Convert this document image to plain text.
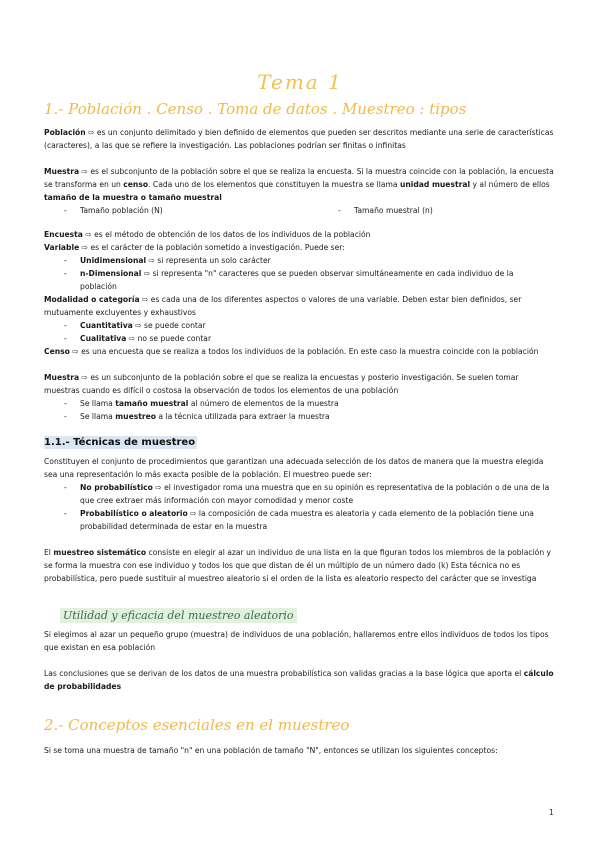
Tema 1
1.- Población . Censo . Toma de datos . Muestreo : tipos

Población ⇨ es un conjunto delimitado y bien definido de elementos que pueden ser descritos mediante una serie de características (caracteres), a las que se refiere la investigación. Las poblaciones podrían ser finitas o infinitas

Muestra ⇨ es el subconjunto de la población sobre el que se realiza la encuesta. Si la muestra coincide con la población, la encuesta se transforma en un censo. Cada uno de los elementos que constituyen la muestra se llama unidad muestral y al número de ellos tamaño de la muestra o tamaño muestral

- Tamaño población (N)	- Tamaño muestral (n)

Encuesta ⇨ es el método de obtención de los datos de los individuos de la población

Variable ⇨ es el carácter de la población sometido a investigación. Puede ser:

- Unidimensional ⇨ si representa un solo carácter
- n-Dimensional ⇨ si representa "n" caracteres que se pueden observar simultáneamente en cada individuo de la población

Modalidad o categoría ⇨ es cada una de los diferentes aspectos o valores de una variable. Deben estar bien definidos, ser mutuamente excluyentes y exhaustivos

- Cuantitativa ⇨ se puede contar
- Cualitativa ⇨ no se puede contar

Censo ⇨ es una encuesta que se realiza a todos los individuos de la población. En este caso la muestra coincide con la población

Muestra ⇨ es un subconjunto de la población sobre el que se realiza la encuestas y posterio investigación. Se suelen tomar muestras cuando es difícil o costosa la observación de todos los elementos de una población

- Se llama tamaño muestral al número de elementos de la muestra
- Se llama muestreo a la técnica utilizada para extraer la muestra
1.1.- Técnicas de muestreo

Constituyen el conjunto de procedimientos que garantizan una adecuada selección de los datos de manera que la muestra elegida sea una representación lo más exacta posible de la población. El muestreo puede ser:

- No probabilístico ⇨ el investigador roma una muestra que en su opinión es representativa de la población o de una de la que cree extraer más información con mayor comodidad y menor coste
- Probabilístico o aleatorio ⇨ la composición de cada muestra es aleatoria y cada elemento de la población tiene una probabilidad determinada de estar en la muestra

El muestreo sistemático consiste en elegir al azar un individuo de una lista en la que figuran todos los miembros de la población y se forma la muestra con ese individuo y todos los que que distan de él un múltiplo de un número dado (k) Esta técnica no es probabilística, pero puede sustituir al muestreo aleatorio si el orden de la lista es aleatorio respecto del carácter que se investiga

Utilidad y eficacia del muestreo aleatorio

Si elegimos al azar un pequeño grupo (muestra) de individuos de una población, hallaremos entre ellos individuos de todos los tipos que existan en esa población

Las conclusiones que se derivan de los datos de una muestra probabilística son validas gracias a la base lógica que aporta el cálculo de probabilidades

2.- Conceptos esenciales en el muestreo

Si se toma una muestra de tamaño "n" en una población de tamaño "N", entonces se utilizan los siguientes conceptos:

1
